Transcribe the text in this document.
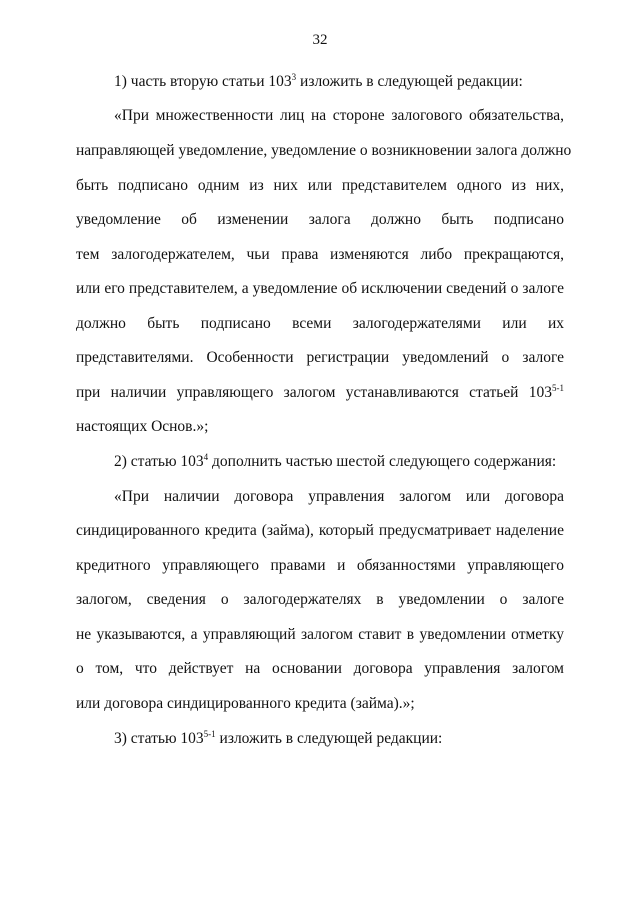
32
1) часть вторую статьи $103^3$ изложить в следующей редакции:
«При множественности лиц на стороне залогового обязательства,
направляющей уведомление, уведомление о возникновении залога должно
быть подписано одним из них или представителем одного из них,
уведомление об изменении залога должно быть подписано
тем залогодержателем, чьи права изменяются либо прекращаются,
или его представителем, а уведомление об исключении сведений о залоге
должно быть подписано всеми залогодержателями или их
представителями. Особенности регистрации уведомлений о залоге
при наличии управляющего залогом устанавливаются статьей 103$^{5-1}$
настоящих Основ.»;
2) статью $103^4$ дополнить частью шестой следующего содержания:
«При наличии договора управления залогом или договора
синдицированного кредита (займа), который предусматривает наделение
кредитного управляющего правами и обязанностями управляющего
залогом, сведения о залогодержателях в уведомлении о залоге
не указываются, а управляющий залогом ставит в уведомлении отметку
о том, что действует на основании договора управления залогом
или договора синдицированного кредита (займа).»;
3) статью 103$^{5-1}$ изложить в следующей редакции:
